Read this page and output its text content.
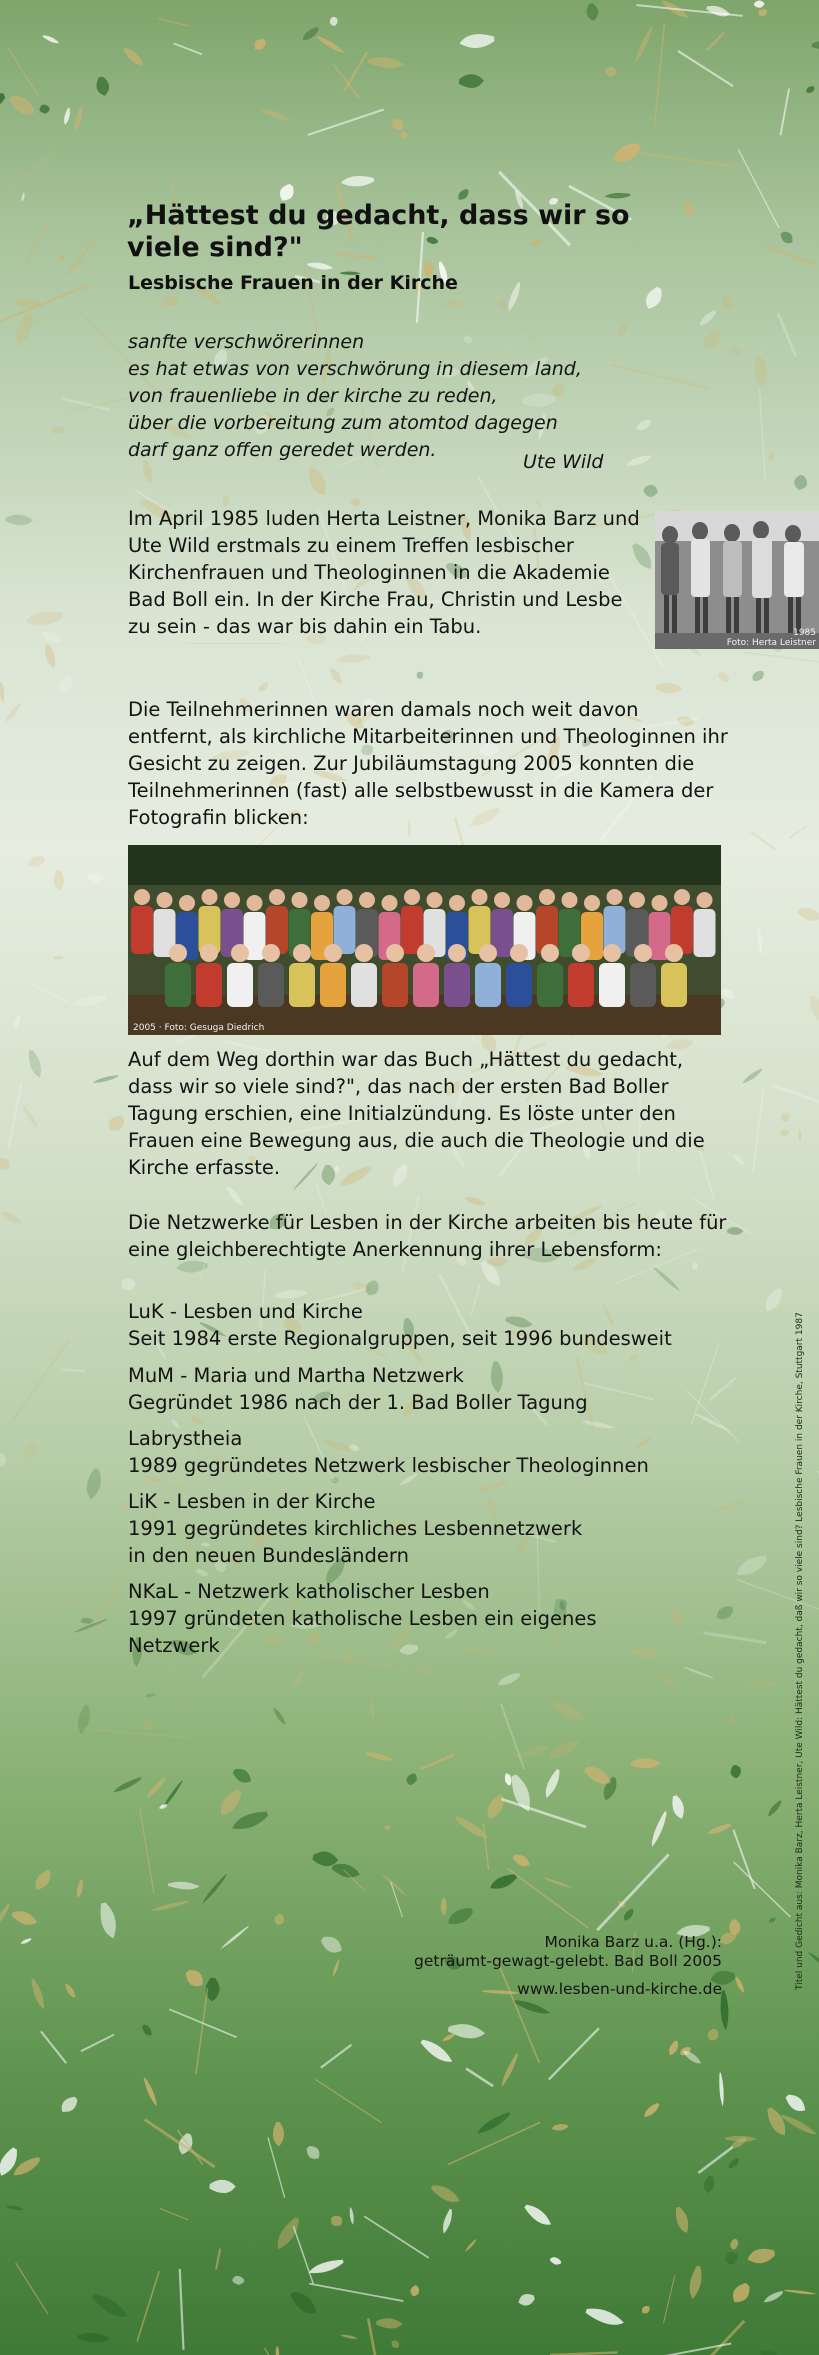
„Hättest du gedacht, dass wir so viele sind?"
Lesbische Frauen in der Kirche

sanfte verschwörerinnen

es hat etwas von verschwörung in diesem land,

von frauenliebe in der kirche zu reden,

über die vorbereitung zum atomtod dagegen

darf ganz offen geredet werden.

Ute Wild

Im April 1985 luden Herta Leistner, Monika Barz und Ute Wild erstmals zu einem Treffen lesbischer Kirchenfrauen und Theologinnen in die Akademie Bad Boll ein. In der Kirche Frau, Christin und Lesbe zu sein - das war bis dahin ein Tabu.	1985
Foto: Herta Leistner

Die Teilnehmerinnen waren damals noch weit davon entfernt, als kirchliche Mitarbeiterinnen und Theologinnen ihr Gesicht zu zeigen. Zur Jubiläumstagung 2005 konnten die Teilnehmerinnen (fast) alle selbstbewusst in die Kamera der Fotografin blicken:

2005 · Foto: Gesuga Diedrich

Auf dem Weg dorthin war das Buch „Hättest du gedacht, dass wir so viele sind?", das nach der ersten Bad Boller Tagung erschien, eine Initialzündung. Es löste unter den Frauen eine Bewegung aus, die auch die Theologie und die Kirche erfasste.

Die Netzwerke für Lesben in der Kirche arbeiten bis heute für eine gleichberechtigte Anerkennung ihrer Lebensform:

LuK - Lesben und Kirche
Seit 1984 erste Regionalgruppen, seit 1996 bundesweit
MuM - Maria und Martha Netzwerk
Gegründet 1986 nach der 1. Bad Boller Tagung
Labrystheia
1989 gegründetes Netzwerk lesbischer Theologinnen
LiK - Lesben in der Kirche
1991 gegründetes kirchliches Lesbennetzwerk
in den neuen Bundesländern
NKaL - Netzwerk katholischer Lesben
1997 gründeten katholische Lesben ein eigenes
Netzwerk
Monika Barz u.a. (Hg.):
geträumt-gewagt-gelebt. Bad Boll 2005
www.lesben-und-kirche.de	Titel und Gedicht aus: Monika Barz, Herta Leistner, Ute Wild: Hättest du gedacht, daß wir so viele sind? Lesbische Frauen in der Kirche, Stuttgart 1987
